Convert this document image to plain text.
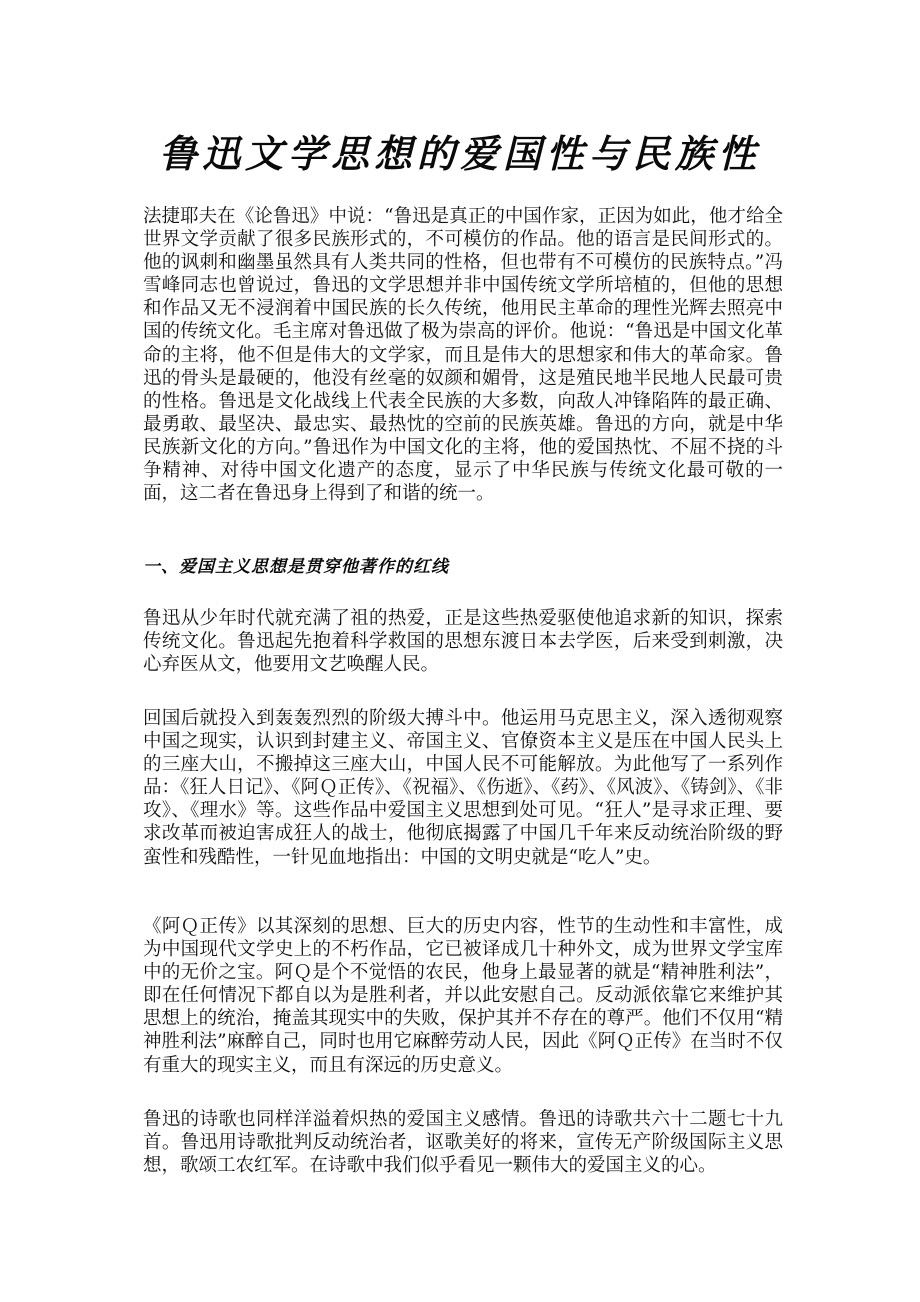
鲁迅文学思想的爱国性与民族性

法捷耶夫在《论鲁迅》中说：“鲁迅是真正的中国作家，正因为如此，他才给全世界文学贡献了很多民族形式的，不可模仿的作品。他的语言是民间形式的。他的讽刺和幽墨虽然具有人类共同的性格，但也带有不可模仿的民族特点。”冯雪峰同志也曾说过，鲁迅的文学思想并非中国传统文学所培植的，但他的思想和作品又无不浸润着中国民族的长久传统，他用民主革命的理性光辉去照亮中国的传统文化。毛主席对鲁迅做了极为崇高的评价。他说：“鲁迅是中国文化革命的主将，他不但是伟大的文学家，而且是伟大的思想家和伟大的革命家。鲁迅的骨头是最硬的，他没有丝毫的奴颜和媚骨，这是殖民地半民地人民最可贵的性格。鲁迅是文化战线上代表全民族的大多数，向敌人冲锋陷阵的最正确、最勇敢、最坚决、最忠实、最热忱的空前的民族英雄。鲁迅的方向，就是中华民族新文化的方向。”鲁迅作为中国文化的主将，他的爱国热忱、不屈不挠的斗争精神、对待中国文化遗产的态度，显示了中华民族与传统文化最可敬的一面，这二者在鲁迅身上得到了和谐的统一。

一、爱国主义思想是贯穿他著作的红线

鲁迅从少年时代就充满了祖的热爱，正是这些热爱驱使他追求新的知识，探索传统文化。鲁迅起先抱着科学救国的思想东渡日本去学医，后来受到刺激，决心弃医从文，他要用文艺唤醒人民。

回国后就投入到轰轰烈烈的阶级大搏斗中。他运用马克思主义，深入透彻观察中国之现实，认识到封建主义、帝国主义、官僚资本主义是压在中国人民头上的三座大山，不搬掉这三座大山，中国人民不可能解放。为此他写了一系列作品：《狂人日记》、《阿Ｑ正传》、《祝福》、《伤逝》、《药》、《风波》、《铸剑》、《非攻》、《理水》等。这些作品中爱国主义思想到处可见。“狂人”是寻求正理、要求改革而被迫害成狂人的战士，他彻底揭露了中国几千年来反动统治阶级的野蛮性和残酷性，一针见血地指出：中国的文明史就是“吃人”史。

《阿Ｑ正传》以其深刻的思想、巨大的历史内容，性节的生动性和丰富性，成为中国现代文学史上的不朽作品，它已被译成几十种外文，成为世界文学宝库中的无价之宝。阿Ｑ是个不觉悟的农民，他身上最显著的就是“精神胜利法”，即在任何情况下都自以为是胜利者，并以此安慰自己。反动派依靠它来维护其思想上的统治，掩盖其现实中的失败，保护其并不存在的尊严。他们不仅用“精神胜利法”麻醉自己，同时也用它麻醉劳动人民，因此《阿Ｑ正传》在当时不仅有重大的现实主义，而且有深远的历史意义。

鲁迅的诗歌也同样洋溢着炽热的爱国主义感情。鲁迅的诗歌共六十二题七十九首。鲁迅用诗歌批判反动统治者，讴歌美好的将来，宣传无产阶级国际主义思想，歌颂工农红军。在诗歌中我们似乎看见一颗伟大的爱国主义的心。
